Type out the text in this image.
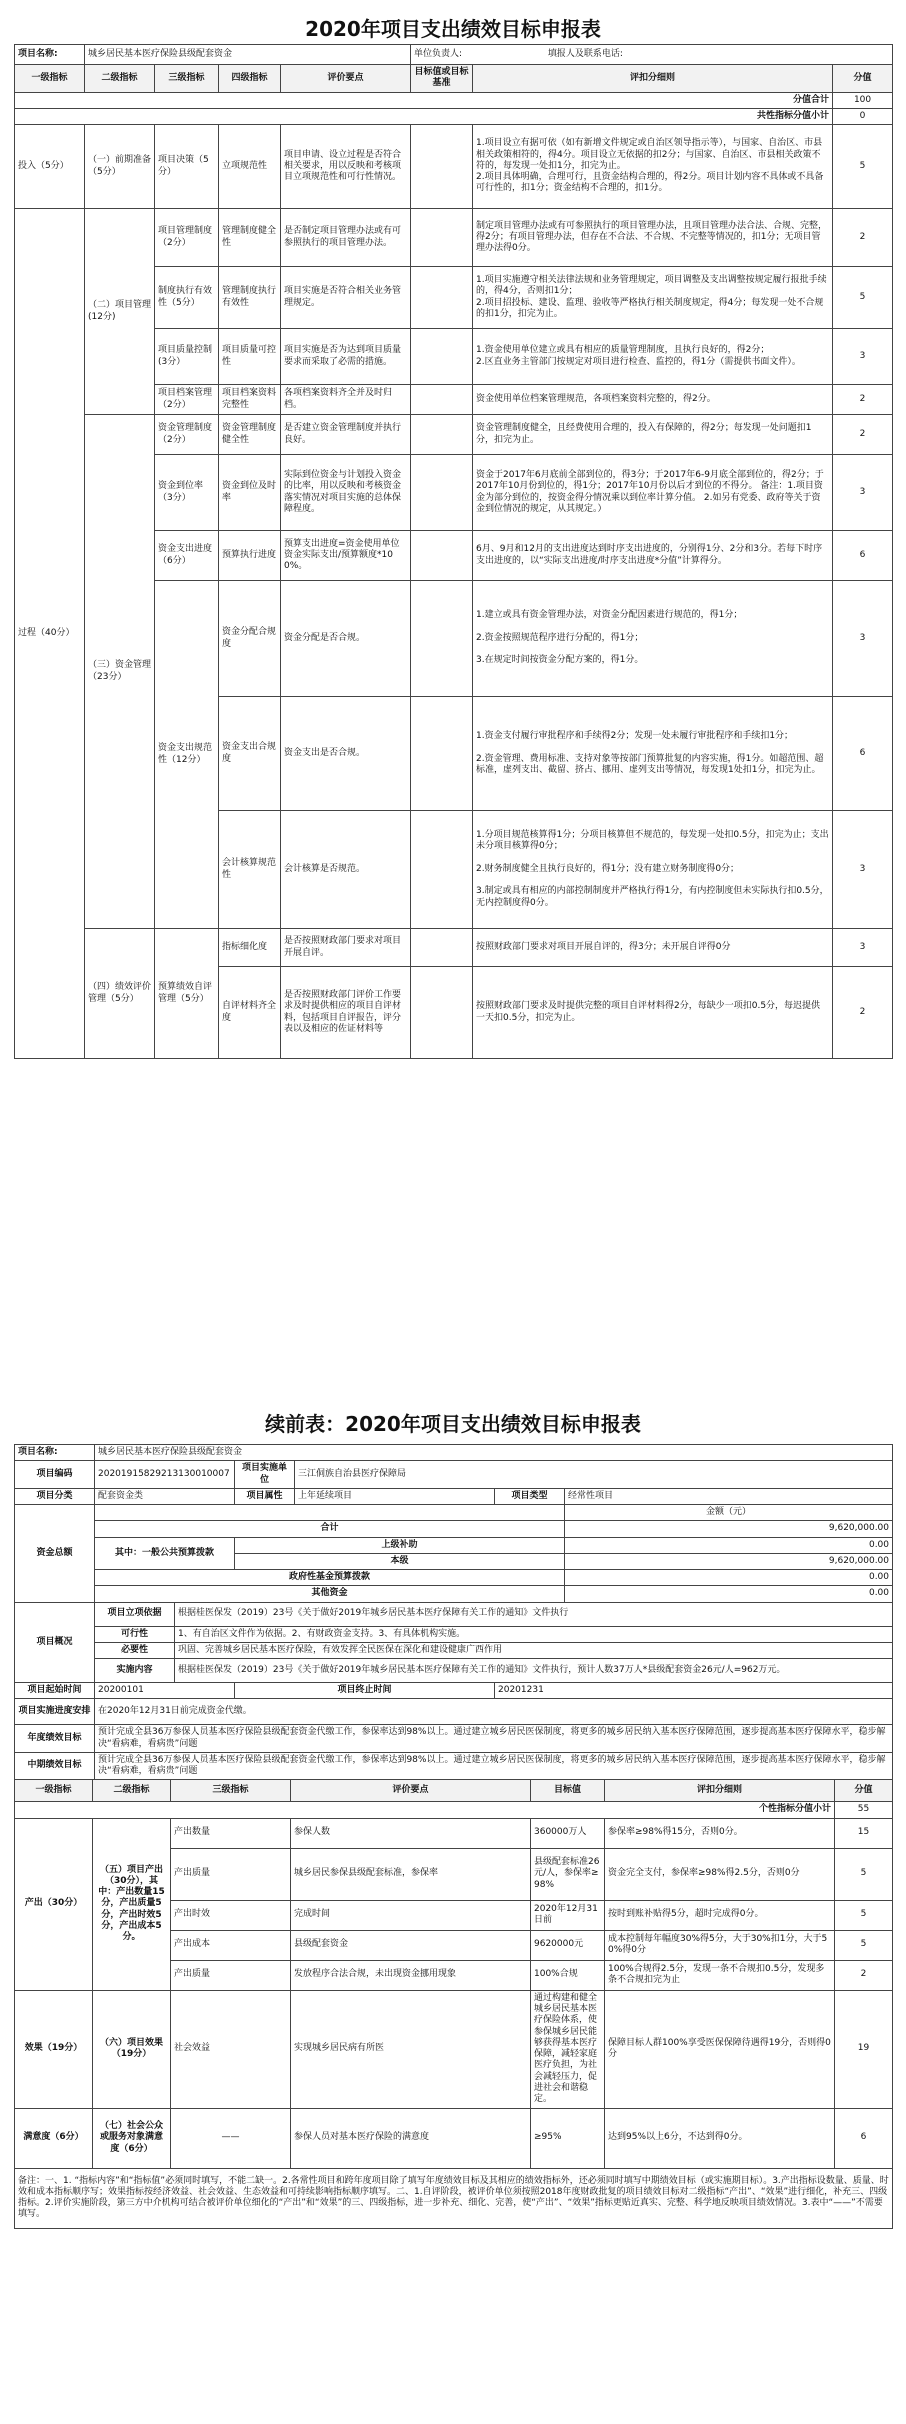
2020年项目支出绩效目标申报表
项目名称:	城乡居民基本医疗保险县级配套资金				单位负责人: 填报人及联系电话:		
一级指标	二级指标	三级指标	四级指标	评价要点	目标值或目标基准	评扣分细则	分值
分值合计							100
共性指标分值小计							0
投入（5分）	（一）前期准备（5分）	项目决策（5分）	立项规范性	项目申请、设立过程是否符合相关要求，用以反映和考核项目立项规范性和可行性情况。		1.项目设立有据可依（如有新增文件规定或自治区领导指示等），与国家、自治区、市县相关政策相符的，得4分。项目设立无依据的扣2分；与国家、自治区、市县相关政策不符的，每发现一处扣1分，扣完为止。
2.项目具体明确，合理可行，且资金结构合理的，得2分。项目计划内容不具体或不具备可行性的，扣1分；资金结构不合理的，扣1分。	5
过程（40分）	（二）项目管理(12分)	项目管理制度（2分）	管理制度健全性	是否制定项目管理办法或有可参照执行的项目管理办法。		制定项目管理办法或有可参照执行的项目管理办法，且项目管理办法合法、合规、完整，得2分；有项目管理办法，但存在不合法、不合规、不完整等情况的，扣1分；无项目管理办法得0分。	2
		制度执行有效性（5分）	管理制度执行有效性	项目实施是否符合相关业务管理规定。		1.项目实施遵守相关法律法规和业务管理规定，项目调整及支出调整按规定履行报批手续的，得4分，否则扣1分；
2.项目招投标、建设、监理、验收等严格执行相关制度规定，得4分；每发现一处不合规的扣1分，扣完为止。	5
		项目质量控制(3分）	项目质量可控性	项目实施是否为达到项目质量要求而采取了必需的措施。		1.资金使用单位建立或具有相应的质量管理制度，且执行良好的，得2分；
2.区直业务主管部门按规定对项目进行检查、监控的，得1分（需提供书面文件）。	3
		项目档案管理（2分）	项目档案资料完整性	各项档案资料齐全并及时归档。		资金使用单位档案管理规范，各项档案资料完整的，得2分。	2
	（三）资金管理（23分）	资金管理制度（2分）	资金管理制度健全性	是否建立资金管理制度并执行良好。		资金管理制度健全，且经费使用合理的，投入有保障的，得2分；每发现一处问题扣1分，扣完为止。	2
		资金到位率（3分）	资金到位及时率	实际到位资金与计划投入资金的比率，用以反映和考核资金落实情况对项目实施的总体保障程度。		资金于2017年6月底前全部到位的，得3分；于2017年6-9月底全部到位的，得2分；于2017年10月份到位的，得1分；2017年10月份以后才到位的不得分。 备注：1.项目资金为部分到位的，按资金得分情况乘以到位率计算分值。 2.如另有党委、政府等关于资金到位情况的规定，从其规定。）	3
		资金支出进度（6分）	预算执行进度	预算支出进度=资金使用单位资金实际支出/预算额度*100%。		6月、9月和12月的支出进度达到时序支出进度的，分别得1分、2分和3分。若每下时序支出进度的，以“实际支出进度/时序支出进度*分值”计算得分。	6
		资金支出规范性（12分）	资金分配合规度	资金分配是否合规。		1.建立或具有资金管理办法，对资金分配因素进行规范的，得1分；

2.资金按照规范程序进行分配的，得1分；

3.在规定时间按资金分配方案的，得1分。	3
			资金支出合规度	资金支出是否合规。		1.资金支付履行审批程序和手续得2分；发现一处未履行审批程序和手续扣1分；

2.资金管理、费用标准、支持对象等按部门预算批复的内容实施，得1分。如超范围、超标准，虚列支出、截留、挤占、挪用、虚列支出等情况，每发现1处扣1分，扣完为止。	6
			会计核算规范性	会计核算是否规范。		1.分项目规范核算得1分；分项目核算但不规范的，每发现一处扣0.5分，扣完为止；支出未分项目核算得0分；

2.财务制度健全且执行良好的，得1分；没有建立财务制度得0分；

3.制定或具有相应的内部控制制度并严格执行得1分，有内控制度但未实际执行扣0.5分，无内控制度得0分。	3
	（四）绩效评价管理（5分）	预算绩效自评管理（5分）	指标细化度	是否按照财政部门要求对项目开展自评。		按照财政部门要求对项目开展自评的，得3分；未开展自评得0分	3
			自评材料齐全度	是否按照财政部门评价工作要求及时提供相应的项目自评材料，包括项目自评报告，评分表以及相应的佐证材料等		按照财政部门要求及时提供完整的项目自评材料得2分，每缺少一项扣0.5分，每迟提供一天扣0.5分，扣完为止。	2
续前表：2020年项目支出绩效目标申报表
项目名称:	城乡居民基本医疗保险县级配套资金					
项目编码	20201915829213130010007		项目实施单位	三江侗族自治县医疗保障局		
项目分类	配套资金类		项目属性	上年延续项目	项目类型	经常性项目
资金总额						金额（元）
	合计					9,620,000.00
	其中：一般公共预算拨款		上级补助			0.00
			本级			9,620,000.00
	政府性基金预算拨款					0.00
	其他资金					0.00
项目概况	项目立项依据	根据桂医保发（2019）23号《关于做好2019年城乡居民基本医疗保障有关工作的通知》文件执行				
	可行性	1、有自治区文件作为依据。2、有财政资金支持。3、有具体机构实施。				
	必要性	巩固、完善城乡居民基本医疗保险，有效发挥全民医保在深化和建设健康广西作用				
	实施内容	根据桂医保发（2019）23号《关于做好2019年城乡居民基本医疗保障有关工作的通知》文件执行，预计人数37万人*县级配套资金26元/人=962万元。				
项目起始时间	20200101		项目终止时间		20201231	
项目实施进度安排	在2020年12月31日前完成资金代缴。					
年度绩效目标	预计完成全县36万参保人员基本医疗保险县级配套资金代缴工作，参保率达到98%以上。通过建立城乡居民医保制度，将更多的城乡居民纳入基本医疗保障范围，逐步提高基本医疗保障水平，稳步解决“看病难，看病贵”问题					
中期绩效目标	预计完成全县36万参保人员基本医疗保险县级配套资金代缴工作，参保率达到98%以上。通过建立城乡居民医保制度，将更多的城乡居民纳入基本医疗保障范围，逐步提高基本医疗保障水平，稳步解决“看病难，看病贵”问题					
一级指标	二级指标	三级指标	评价要点	目标值	评扣分细则	分值
个性指标分值小计						55
产出（30分）	（五）项目产出（30分），其中：产出数量15分，产出质量5分，产出时效5分，产出成本5分。	产出数量	参保人数	360000万人	参保率≥98%得15分，否则0分。	15
		产出质量	城乡居民参保县级配套标准，参保率	县级配套标准26元/人，参保率≥98%	资金完全支付，参保率≥98%得2.5分，否则0分	5
		产出时效	完成时间	2020年12月31日前	按时到账补贴得5分，超时完成得0分。	5
		产出成本	县级配套资金	9620000元	成本控制每年幅度30%得5分，大于30%扣1分，大于50%得0分	5
		产出质量	发放程序合法合规，未出现资金挪用现象	100%合规	100%合规得2.5分，发现一条不合规扣0.5分，发现多条不合规扣完为止	2
效果（19分）	（六）项目效果（19分）	社会效益	实现城乡居民病有所医	通过构建和健全城乡居民基本医疗保险体系，使参保城乡居民能够获得基本医疗保障，减轻家庭医疗负担，为社会减轻压力，促进社会和谐稳定。	保障目标人群100%享受医保保障待遇得19分，否则得0分	19
满意度（6分）	（七）社会公众或服务对象满意度（6分）	——	参保人员对基本医疗保险的满意度	≥95%	达到95%以上6分，不达到得0分。	6
备注：一、1. “指标内容”和“指标值”必须同时填写，不能二缺一。2.各常性项目和跨年度项目除了填写年度绩效目标及其相应的绩效指标外，还必须同时填写中期绩效目标（或实施期目标）。3.产出指标设数量、质量、时效和成本指标顺序写；效果指标按经济效益、社会效益、生态效益和可持续影响指标顺序填写。二、1.自评阶段，被评价单位须按照2018年度财政批复的项目绩效目标对二级指标“产出”、“效果”进行细化，补充三、四级指标。2.评价实施阶段，第三方中介机构可结合被评价单位细化的“产出”和“效果”的三、四级指标，进一步补充、细化、完善，使“产出”、“效果”指标更贴近真实、完整、科学地反映项目绩效情况。3.表中“——”不需要填写。						
